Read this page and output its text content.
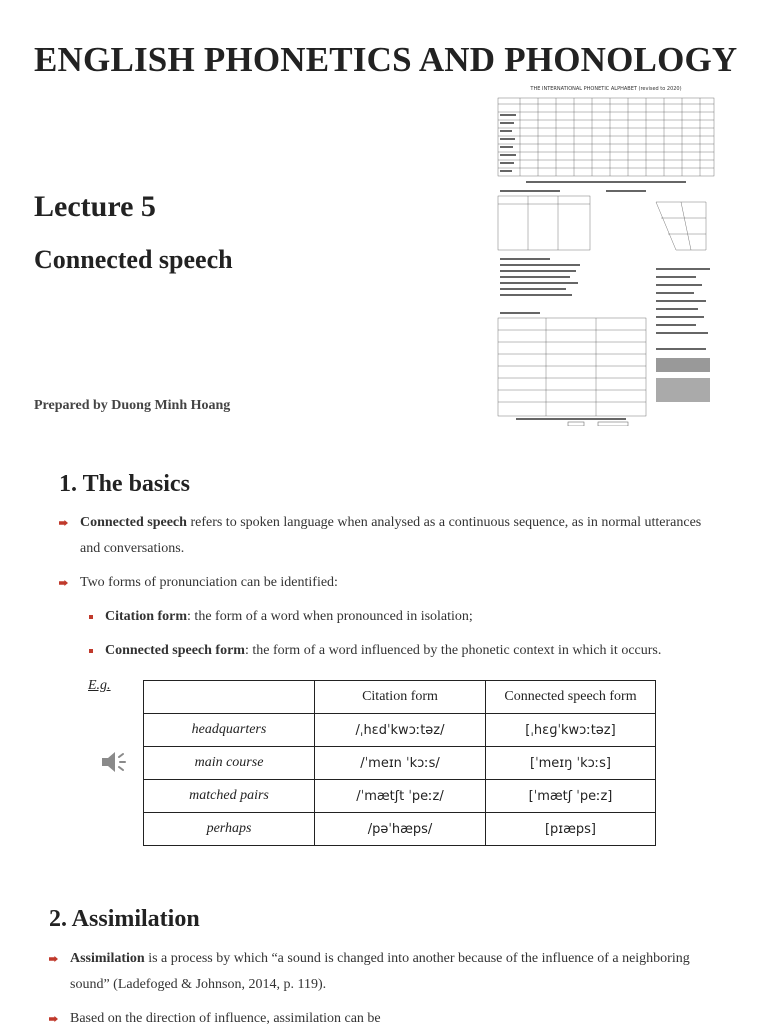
ENGLISH PHONETICS AND PHONOLOGY
THE INTERNATIONAL PHONETIC ALPHABET (revised to 2020)
Lecture 5
Connected speech
Prepared by Duong Minh Hoang
1. The basics
Connected speech refers to spoken language when analysed as a continuous sequence, as in normal utterances
and conversations.
Two forms of pronunciation can be identified:
Citation form: the form of a word when pronounced in isolation;
Connected speech form: the form of a word influenced by the phonetic context in which it occurs.
E.g.
	Citation form	Connected speech form
headquarters	/ˌhɛdˈkwɔːtəz/	[ˌhɛɡˈkwɔːtəz]
main course	/ˈmeɪn ˈkɔːs/	[ˈmeɪŋ ˈkɔːs]
matched pairs	/ˈmætʃt ˈpeːz/	[ˈmætʃ ˈpeːz]
perhaps	/pəˈhæps/	[pɪæps]
2. Assimilation
Assimilation is a process by which “a sound is changed into another because of the influence of a neighboring
sound” (Ladefoged & Johnson, 2014, p. 119).
Based on the direction of influence, assimilation can be
